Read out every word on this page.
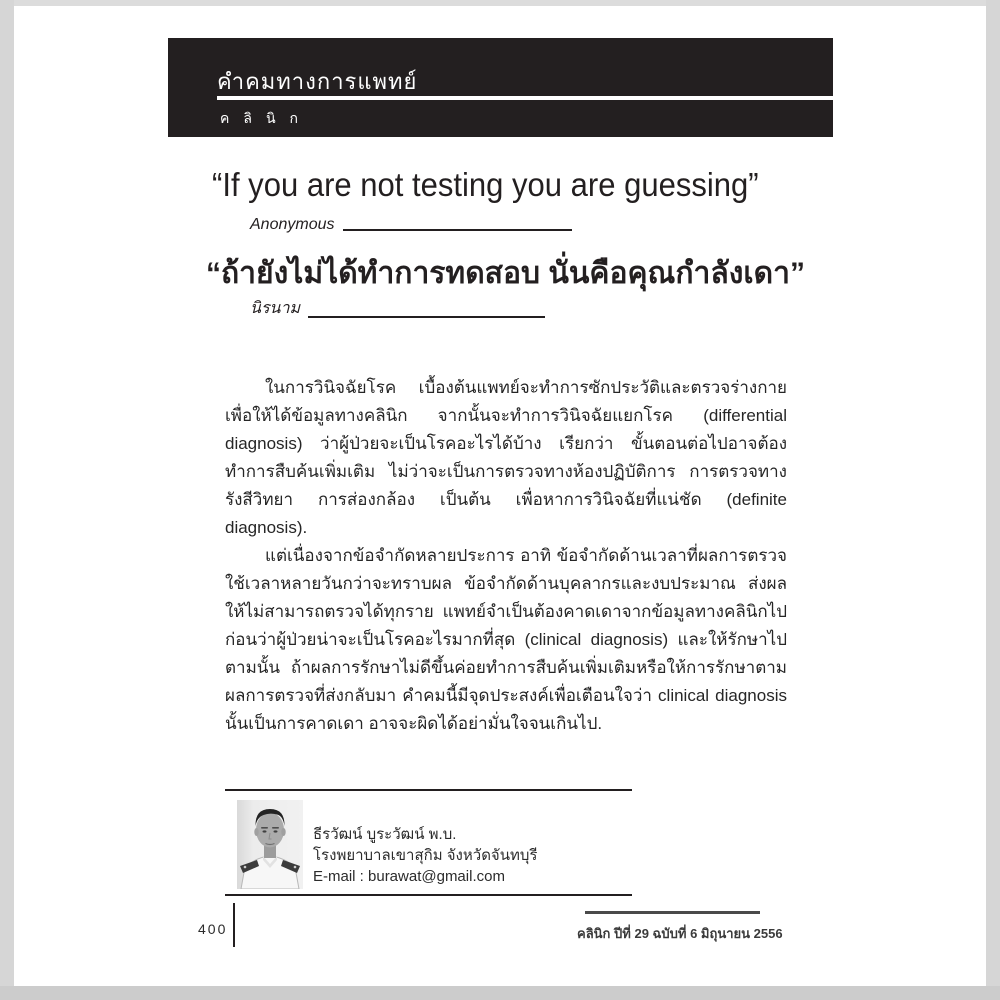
คำคมทางการแพทย์
คลินิก
“If you are not testing you are guessing”
Anonymous
“ถ้ายังไม่ได้ทำการทดสอบ นั่นคือคุณกำลังเดา”
นิรนาม

ในการวินิจฉัยโรค เบื้องต้นแพทย์จะทำการซักประวัติและตรวจร่างกายเพื่อให้ได้ข้อมูลทางคลินิก จากนั้นจะทำการวินิจฉัยแยกโรค (differential diagnosis) ว่าผู้ป่วยจะเป็นโรคอะไรได้บ้าง เรียกว่า ขั้นตอนต่อไปอาจต้องทำการสืบค้นเพิ่มเติม ไม่ว่าจะเป็นการตรวจทางห้องปฏิบัติการ การตรวจทางรังสีวิทยา การส่องกล้อง เป็นต้น เพื่อหาการวินิจฉัยที่แน่ชัด (definite diagnosis).

แต่เนื่องจากข้อจำกัดหลายประการ อาทิ ข้อจำกัดด้านเวลาที่ผลการตรวจใช้เวลาหลายวันกว่าจะทราบผล ข้อจำกัดด้านบุคลากรและงบประมาณ ส่งผลให้ไม่สามารถตรวจได้ทุกราย แพทย์จำเป็นต้องคาดเดาจากข้อมูลทางคลินิกไปก่อนว่าผู้ป่วยน่าจะเป็นโรคอะไรมากที่สุด (clinical diagnosis) และให้รักษาไปตามนั้น ถ้าผลการรักษาไม่ดีขึ้นค่อยทำการสืบค้นเพิ่มเติมหรือให้การรักษาตามผลการตรวจที่ส่งกลับมา คำคมนี้มีจุดประสงค์เพื่อเตือนใจว่า clinical diagnosis นั้นเป็นการคาดเดา อาจจะผิดได้อย่ามั่นใจจนเกินไป.

ธีรวัฒน์ บูระวัฒน์ พ.บ.
โรงพยาบาลเขาสุกิม จังหวัดจันทบุรี
E-mail : burawat@gmail.com
400	คลินิก ปีที่ 29 ฉบับที่ 6 มิถุนายน 2556
